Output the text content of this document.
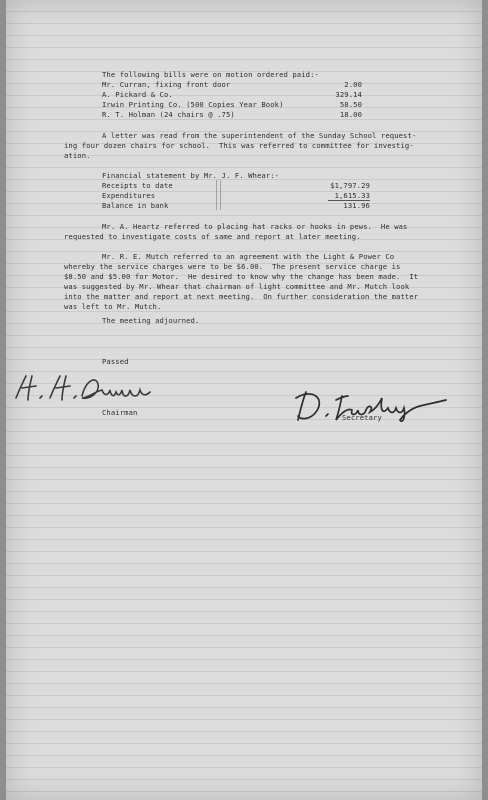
The following bills were on motion ordered paid:-
Mr. Curran, fixing front door	2.00
A. Pickard & Co.	329.14
Irwin Printing Co. (500 Copies Year Book)	58.50
R. T. Holman (24 chairs @ .75)	18.00
A letter was read from the superintendent of the Sunday School request-
ing four dozen chairs for school.  This was referred to committee for investig-
ation.
Financial statement by Mr. J. F. Whear:-
Receipts to date	$1,797.29
Expenditures	1,615.33
Balance in bank	131.96
Mr. A. Heartz referred to placing hat racks or hooks in pews.  He was
requested to investigate costs of same and report at later meeting.
Mr. R. E. Mutch referred to an agreement with the Light & Power Co
whereby the service charges were to be $6.00.  The present service charge is
$8.50 and $5.00 for Motor.  He desired to know why the change has been made.  It
was suggested by Mr. Whear that chairman of light committee and Mr. Mutch look
into the matter and report at next meeting.  On further consideration the matter
was left to Mr. Mutch.
The meeting adjourned.
Passed
Chairman
Secretary
